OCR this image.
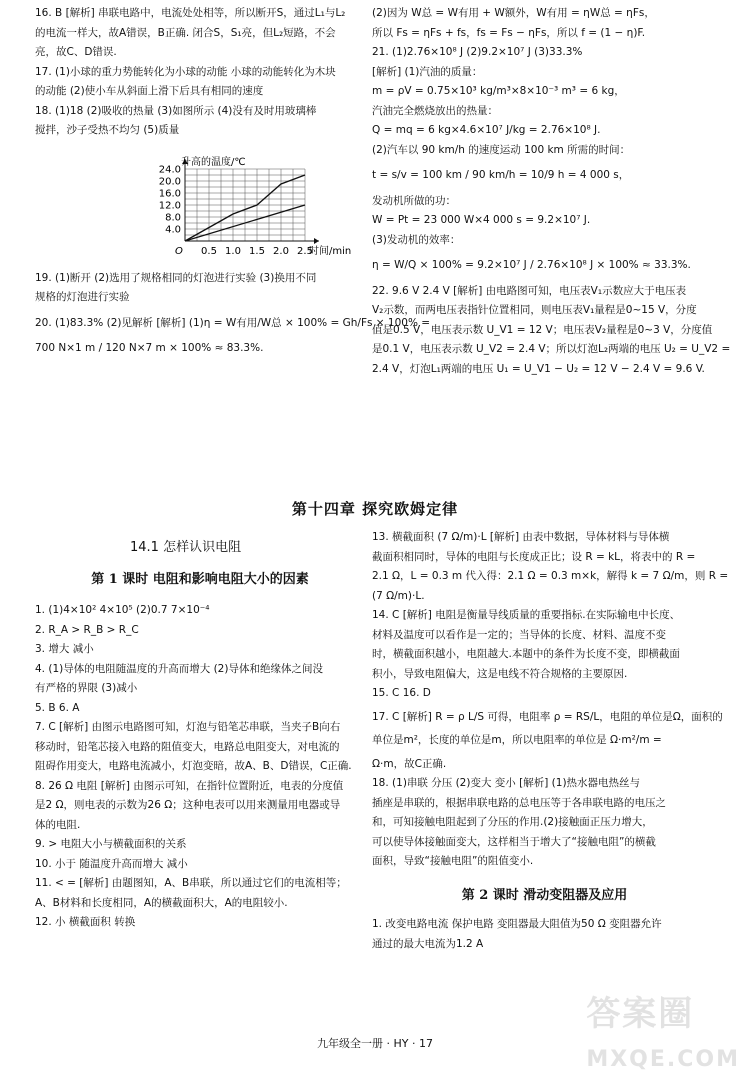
16. B [解析] 串联电路中，电流处处相等，所以断开S，通过L₁与L₂

的电流一样大，故A错误，B正确. 闭合S，S₁亮，但L₂短路，不会

亮，故C、D错误.

17. (1)小球的重力势能转化为小球的动能 小球的动能转化为木块

的动能 (2)使小车从斜面上滑下后具有相同的速度

18. (1)18 (2)吸收的热量 (3)如图所示 (4)没有及时用玻璃棒

搅拌，沙子受热不均匀 (5)质量

4.0
8.0
12.0
16.0
20.0
24.0
0.5 1.0 1.5 2.0 2.5
O
升高的温度/℃
时间/min

19. (1)断开 (2)选用了规格相同的灯泡进行实验 (3)换用不同

规格的灯泡进行实验

20. (1)83.3% (2)见解析 [解析] (1)η = W有用/W总 × 100% = Gh/Fs × 100% =

700 N×1 m / 120 N×7 m × 100% ≈ 83.3%.

(2)因为 W总 = W有用 + W额外，W有用 = ηW总 = ηFs，

所以 Fs = ηFs + fs，fs = Fs − ηFs，所以 f = (1 − η)F.

21. (1)2.76×10⁸ J (2)9.2×10⁷ J (3)33.3%

[解析] (1)汽油的质量：

m = ρV = 0.75×10³ kg/m³×8×10⁻³ m³ = 6 kg，

汽油完全燃烧放出的热量：

Q = mq = 6 kg×4.6×10⁷ J/kg = 2.76×10⁸ J.

(2)汽车以 90 km/h 的速度运动 100 km 所需的时间：

t = s/v = 100 km / 90 km/h = 10/9 h = 4 000 s，

发动机所做的功：

W = Pt = 23 000 W×4 000 s = 9.2×10⁷ J.

(3)发动机的效率：

η = W/Q × 100% = 9.2×10⁷ J / 2.76×10⁸ J × 100% ≈ 33.3%.

22. 9.6 V 2.4 V [解析] 由电路图可知，电压表V₁示数应大于电压表

V₂示数，而两电压表指针位置相同，则电压表V₁量程是0~15 V，分度

值是0.5 V，电压表示数 U_V1 = 12 V；电压表V₂量程是0~3 V，分度值

是0.1 V，电压表示数 U_V2 = 2.4 V；所以灯泡L₂两端的电压 U₂ = U_V2 =

2.4 V，灯泡L₁两端的电压 U₁ = U_V1 − U₂ = 12 V − 2.4 V = 9.6 V.

第十四章 探究欧姆定律
14.1 怎样认识电阻
第 1 课时 电阻和影响电阻大小的因素

1. (1)4×10² 4×10⁵ (2)0.7 7×10⁻⁴

2. R_A > R_B > R_C

3. 增大 减小

4. (1)导体的电阻随温度的升高而增大 (2)导体和绝缘体之间没

有严格的界限 (3)减小

5. B 6. A

7. C [解析] 由图示电路图可知，灯泡与铅笔芯串联，当夹子B向右

移动时，铅笔芯接入电路的阻值变大，电路总电阻变大，对电流的

阻碍作用变大，电路电流减小，灯泡变暗，故A、B、D错误，C正确.

8. 26 Ω 电阻 [解析] 由图示可知，在指针位置附近，电表的分度值

是2 Ω，则电表的示数为26 Ω；这种电表可以用来测量用电器或导

体的电阻.

9. > 电阻大小与横截面积的关系

10. 小于 随温度升高而增大 减小

11. < = [解析] 由题图知，A、B串联，所以通过它们的电流相等；

A、B材料和长度相同，A的横截面积大，A的电阻较小.

12. 小 横截面积 转换

13. 横截面积 (7 Ω/m)·L [解析] 由表中数据，导体材料与导体横

截面积相同时，导体的电阻与长度成正比；设 R = kL，将表中的 R =

2.1 Ω，L = 0.3 m 代入得：2.1 Ω = 0.3 m×k，解得 k = 7 Ω/m，则 R =

(7 Ω/m)·L.

14. C [解析] 电阻是衡量导线质量的重要指标.在实际输电中长度、

材料及温度可以看作是一定的；当导体的长度、材料、温度不变

时，横截面积越小，电阻越大.本题中的条件为长度不变，即横截面

积小，导致电阻偏大，这是电线不符合规格的主要原因.

15. C 16. D

17. C [解析] R = ρ L/S 可得，电阻率 ρ = RS/L，电阻的单位是Ω，面积的

单位是m²，长度的单位是m，所以电阻率的单位是 Ω·m²/m =

Ω·m，故C正确.

18. (1)串联 分压 (2)变大 变小 [解析] (1)热水器电热丝与

插座是串联的，根据串联电路的总电压等于各串联电路的电压之

和，可知接触电阻起到了分压的作用.(2)接触面正压力增大，

可以使导体接触面变大，这样相当于增大了“接触电阻”的横截

面积，导致“接触电阻”的阻值变小.

第 2 课时 滑动变阻器及应用

1. 改变电路电流 保护电路 变阻器最大阻值为50 Ω 变阻器允许

通过的最大电流为1.2 A

九年级全一册 · HY · 17
答案圈
MXQE.COM
